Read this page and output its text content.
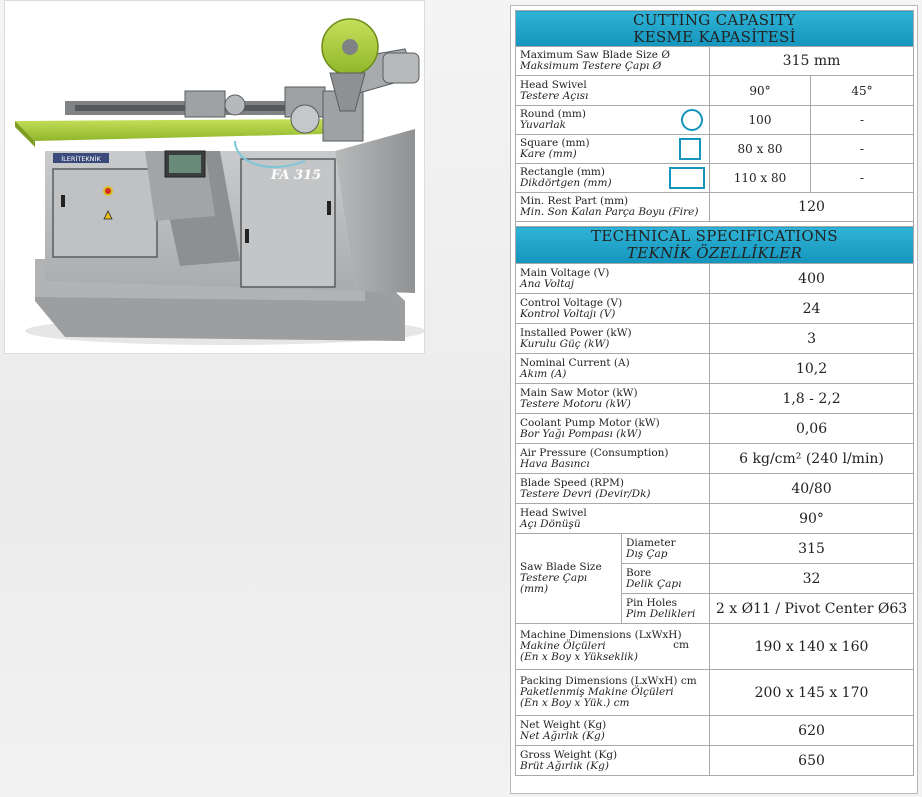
FA 315
İLERİTEKNİK
CUTTING CAPASITY
KESME KAPASİTESİ			

Maximum Saw Blade Size Ø
Maksimum Testere Çapı Ø		315 mm	

Head Swivel
Testere Açısı		90°	45°

Round (mm)
Yuvarlak		100	-

Square (mm)
Kare (mm)		80 x 80	-

Rectangle (mm)
Dikdörtgen (mm)		110 x 80	-

Min. Rest Part (mm)
Min. Son Kalan Parça Boyu (Fire)		120	

TECHNICAL SPECIFICATIONS
TEKNİK ÖZELLİKLER			

Main Voltage (V)
Ana Voltaj		400	

Control Voltage (V)
Kontrol Voltajı (V)		24	

Installed Power (kW)
Kurulu Güç (kW)		3	

Nominal Current (A)
Akım (A)		10,2	

Main Saw Motor (kW)
Testere Motoru (kW)		1,8 - 2,2	

Coolant Pump Motor (kW)
Bor Yağı Pompası (kW)		0,06	

Air Pressure (Consumption)
Hava Basıncı		6 kg/cm² (240 l/min)	

Blade Speed (RPM)
Testere Devri (Devir/Dk)		40/80	

Head Swivel
Açı Dönüşü		90°	

Saw Blade Size
Testere Çapı (mm)	Diameter
Dış Çap	315	

	Bore
Delik Çapı	32	

	Pin Holes
Pim Delikleri	2 x Ø11 / Pivot Center Ø63	

Machine Dimensions (LxWxH)
Makine Ölçüleri
(En x Boy x Yükseklik)
cm		190 x 140 x 160	

Packing Dimensions (LxWxH) cm
Paketlenmiş Makine Ölçüleri
(En x Boy x Yük.) cm		200 x 145 x 170	

Net Weight (Kg)
Net Ağırlık (Kg)		620	

Gross Weight (Kg)
Brüt Ağırlık (Kg)		650	
